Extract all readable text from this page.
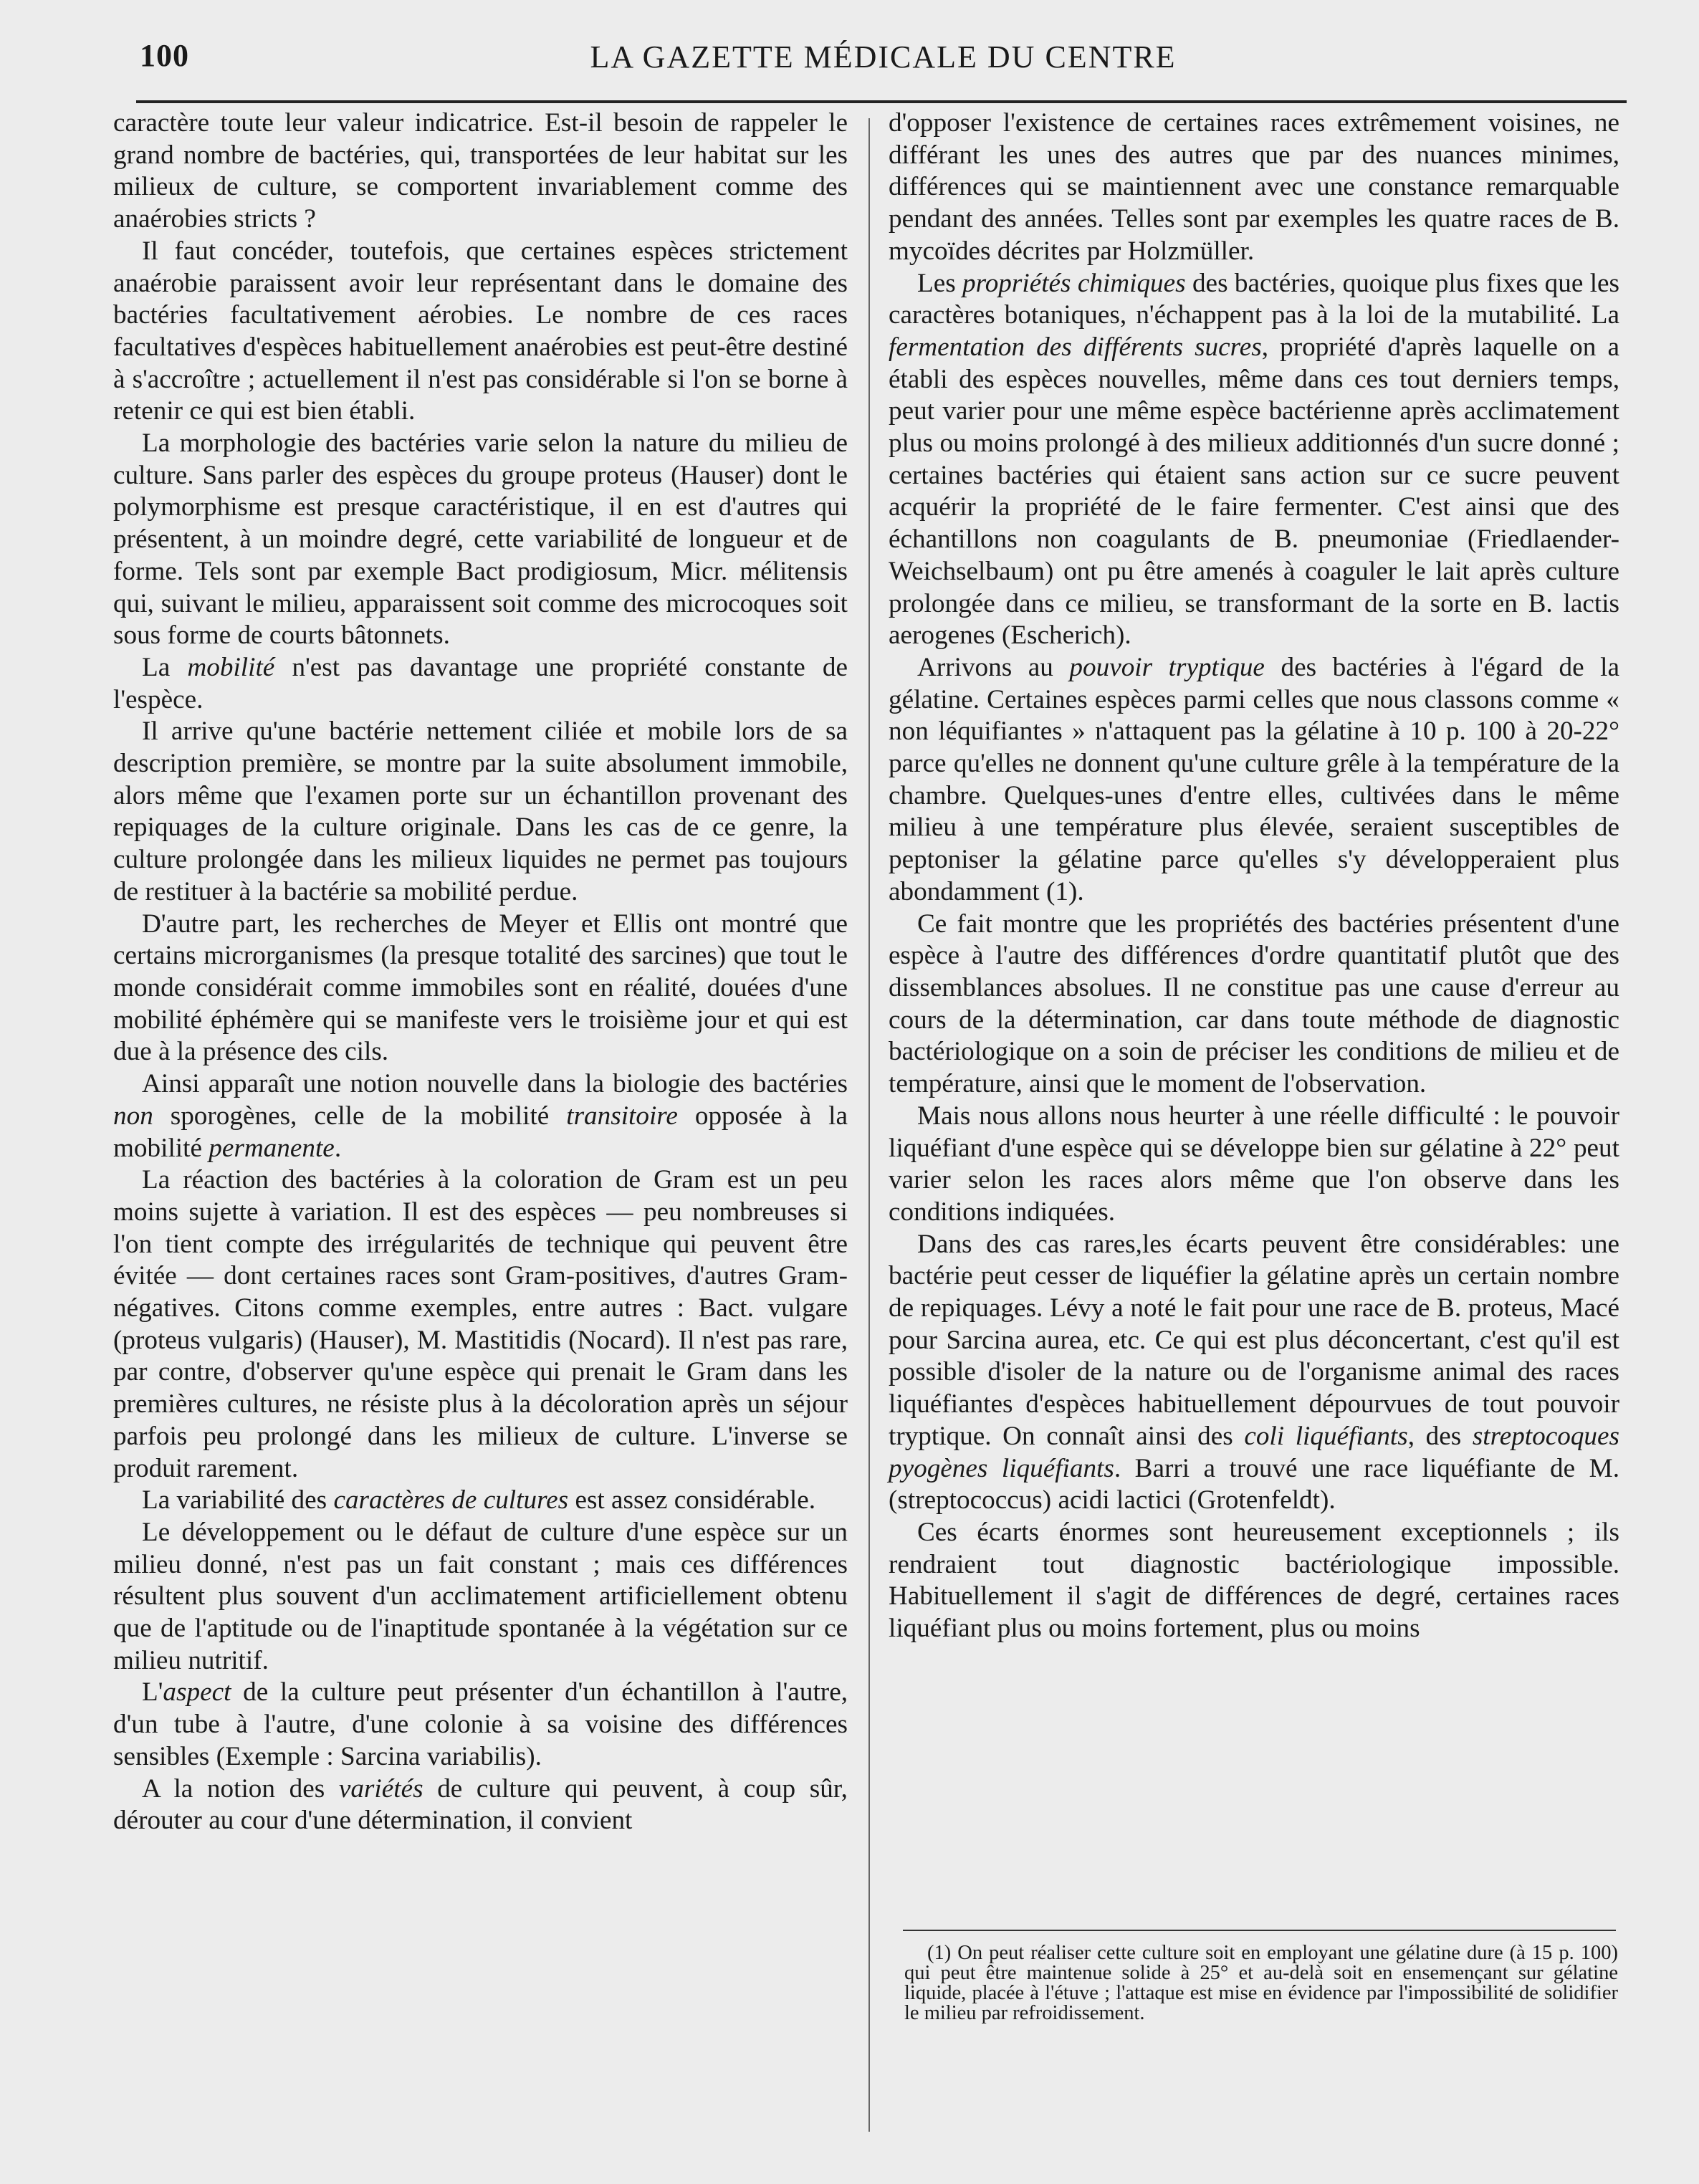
100	LA GAZETTE MÉDICALE DU CENTRE

caractère toute leur valeur indicatrice. Est-il besoin de rappeler le grand nombre de bactéries, qui, transportées de leur habitat sur les milieux de culture, se comportent invariablement comme des anaérobies stricts ?

Il faut concéder, toutefois, que certaines espèces strictement anaérobie paraissent avoir leur représentant dans le domaine des bactéries facultativement aérobies. Le nombre de ces races facultatives d'espèces habituellement anaérobies est peut-être destiné à s'accroître ; actuellement il n'est pas considérable si l'on se borne à retenir ce qui est bien établi.

La morphologie des bactéries varie selon la nature du milieu de culture. Sans parler des espèces du groupe proteus (Hauser) dont le polymorphisme est presque caractéristique, il en est d'autres qui présentent, à un moindre degré, cette variabilité de longueur et de forme. Tels sont par exemple Bact prodigiosum, Micr. mélitensis qui, suivant le milieu, apparaissent soit comme des microcoques soit sous forme de courts bâtonnets.

La mobilité n'est pas davantage une propriété constante de l'espèce.

Il arrive qu'une bactérie nettement ciliée et mobile lors de sa description première, se montre par la suite absolument immobile, alors même que l'examen porte sur un échantillon provenant des repiquages de la culture originale. Dans les cas de ce genre, la culture prolongée dans les milieux liquides ne permet pas toujours de restituer à la bactérie sa mobilité perdue.

D'autre part, les recherches de Meyer et Ellis ont montré que certains microrganismes (la presque totalité des sarcines) que tout le monde considérait comme immobiles sont en réalité, douées d'une mobilité éphémère qui se manifeste vers le troisième jour et qui est due à la présence des cils.

Ainsi apparaît une notion nouvelle dans la biologie des bactéries non sporogènes, celle de la mobilité transitoire opposée à la mobilité permanente.

La réaction des bactéries à la coloration de Gram est un peu moins sujette à variation. Il est des espèces — peu nombreuses si l'on tient compte des irrégularités de technique qui peuvent être évitée — dont certaines races sont Gram-positives, d'autres Gram-négatives. Citons comme exemples, entre autres : Bact. vulgare (proteus vulgaris) (Hauser), M. Mastitidis (Nocard). Il n'est pas rare, par contre, d'observer qu'une espèce qui prenait le Gram dans les premières cultures, ne résiste plus à la décoloration après un séjour parfois peu prolongé dans les milieux de culture. L'inverse se produit rarement.

La variabilité des caractères de cultures est assez considérable.

Le développement ou le défaut de culture d'une espèce sur un milieu donné, n'est pas un fait constant ; mais ces différences résultent plus souvent d'un acclimatement artificiellement obtenu que de l'aptitude ou de l'inaptitude spontanée à la végétation sur ce milieu nutritif.

L'aspect de la culture peut présenter d'un échantillon à l'autre, d'un tube à l'autre, d'une colonie à sa voisine des différences sensibles (Exemple : Sarcina variabilis).

A la notion des variétés de culture qui peuvent, à coup sûr, dérouter au cour d'une détermination, il convient

d'opposer l'existence de certaines races extrêmement voisines, ne différant les unes des autres que par des nuances minimes, différences qui se maintiennent avec une constance remarquable pendant des années. Telles sont par exemples les quatre races de B. mycoïdes décrites par Holzmüller.

Les propriétés chimiques des bactéries, quoique plus fixes que les caractères botaniques, n'échappent pas à la loi de la mutabilité. La fermentation des différents sucres, propriété d'après laquelle on a établi des espèces nouvelles, même dans ces tout derniers temps, peut varier pour une même espèce bactérienne après acclimatement plus ou moins prolongé à des milieux additionnés d'un sucre donné ; certaines bactéries qui étaient sans action sur ce sucre peuvent acquérir la propriété de le faire fermenter. C'est ainsi que des échantillons non coagulants de B. pneumoniae (Friedlaender-Weichselbaum) ont pu être amenés à coaguler le lait après culture prolongée dans ce milieu, se transformant de la sorte en B. lactis aerogenes (Escherich).

Arrivons au pouvoir tryptique des bactéries à l'égard de la gélatine. Certaines espèces parmi celles que nous classons comme « non léquifiantes » n'attaquent pas la gélatine à 10 p. 100 à 20-22° parce qu'elles ne donnent qu'une culture grêle à la température de la chambre. Quelques-unes d'entre elles, cultivées dans le même milieu à une température plus élevée, seraient susceptibles de peptoniser la gélatine parce qu'elles s'y développeraient plus abondamment (1).

Ce fait montre que les propriétés des bactéries présentent d'une espèce à l'autre des différences d'ordre quantitatif plutôt que des dissemblances absolues. Il ne constitue pas une cause d'erreur au cours de la détermination, car dans toute méthode de diagnostic bactériologique on a soin de préciser les conditions de milieu et de température, ainsi que le moment de l'observation.

Mais nous allons nous heurter à une réelle difficulté : le pouvoir liquéfiant d'une espèce qui se développe bien sur gélatine à 22° peut varier selon les races alors même que l'on observe dans les conditions indiquées.

Dans des cas rares,les écarts peuvent être considérables: une bactérie peut cesser de liquéfier la gélatine après un certain nombre de repiquages. Lévy a noté le fait pour une race de B. proteus, Macé pour Sarcina aurea, etc. Ce qui est plus déconcertant, c'est qu'il est possible d'isoler de la nature ou de l'organisme animal des races liquéfiantes d'espèces habituellement dépourvues de tout pouvoir tryptique. On connaît ainsi des coli liquéfiants, des streptocoques pyogènes liquéfiants. Barri a trouvé une race liquéfiante de M. (streptococcus) acidi lactici (Grotenfeldt).

Ces écarts énormes sont heureusement exceptionnels ; ils rendraient tout diagnostic bactériologique impossible. Habituellement il s'agit de différences de degré, certaines races liquéfiant plus ou moins fortement, plus ou moins

(1) On peut réaliser cette culture soit en employant une gélatine dure (à 15 p. 100) qui peut être maintenue solide à 25° et au-delà soit en ensemençant sur gélatine liquide, placée à l'étuve ; l'attaque est mise en évidence par l'impossibilité de solidifier le milieu par refroidissement.
